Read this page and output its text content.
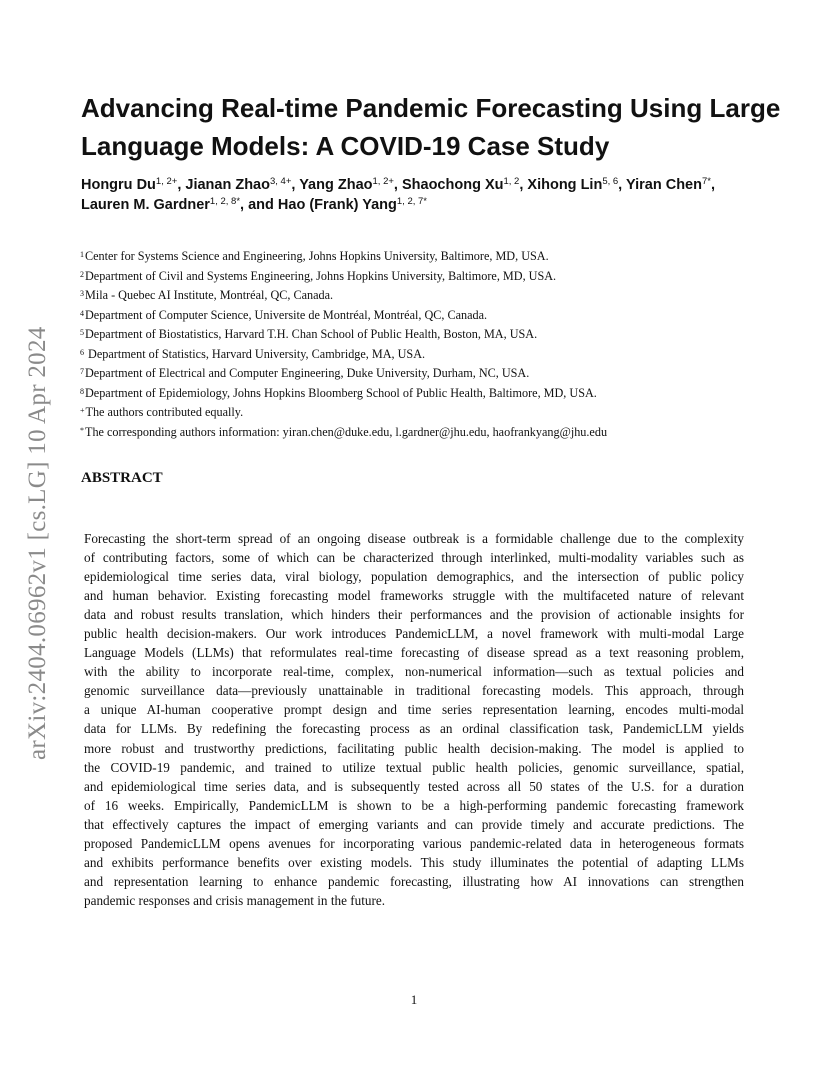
arXiv:2404.06962v1 [cs.LG] 10 Apr 2024
Advancing Real-time Pandemic Forecasting Using Large Language Models: A COVID-19 Case Study
Hongru $Du^{1, 2+}$, Jianan Zhao$^{3, 4+}$, Yang Zhao$^{1, 2+}$, Shaochong Xu$^{1, 2}$, Xihong Lin$^{5, 6}$, Yiran Chen$^{7*}$, Lauren M. Gardner$^{1, 2, 8*}$, and Hao (Frank) Yang$^{1, 2, 7*}$
$^1$Center for Systems Science and Engineering, Johns Hopkins University, Baltimore, MD, USA.
$^2$Department of Civil and Systems Engineering, Johns Hopkins University, Baltimore, MD, USA.
$^3$Mila - Quebec AI Institute, Montréal, QC, Canada.
$^4$Department of Computer Science, Universite de Montréal, Montréal, QC, Canada.
$^5$Department of Biostatistics, Harvard T.H. Chan School of Public Health, Boston, MA, USA.
$^6$ Department of Statistics, Harvard University, Cambridge, MA, USA.
$^7$Department of Electrical and Computer Engineering, Duke University, Durham, NC, USA.
$^8$Department of Epidemiology, Johns Hopkins Bloomberg School of Public Health, Baltimore, MD, USA.
+The authors contributed equally.
*The corresponding authors information: yiran.chen@duke.edu, l.gardner@jhu.edu, haofrankyang@jhu.edu
ABSTRACT
Forecasting the short-term spread of an ongoing disease outbreak is a formidable challenge due to the complexity
of contributing factors, some of which can be characterized through interlinked, multi-modality variables such as
epidemiological time series data, viral biology, population demographics, and the intersection of public policy
and human behavior. Existing forecasting model frameworks struggle with the multifaceted nature of relevant
data and robust results translation, which hinders their performances and the provision of actionable insights for
public health decision-makers. Our work introduces PandemicLLM, a novel framework with multi-modal Large
Language Models (LLMs) that reformulates real-time forecasting of disease spread as a text reasoning problem,
with the ability to incorporate real-time, complex, non-numerical information—such as textual policies and
genomic surveillance data—previously unattainable in traditional forecasting models. This approach, through
a unique AI-human cooperative prompt design and time series representation learning, encodes multi-modal
data for LLMs. By redefining the forecasting process as an ordinal classification task, PandemicLLM yields
more robust and trustworthy predictions, facilitating public health decision-making. The model is applied to
the COVID-19 pandemic, and trained to utilize textual public health policies, genomic surveillance, spatial,
and epidemiological time series data, and is subsequently tested across all 50 states of the U.S. for a duration
of 16 weeks. Empirically, PandemicLLM is shown to be a high-performing pandemic forecasting framework
that effectively captures the impact of emerging variants and can provide timely and accurate predictions. The
proposed PandemicLLM opens avenues for incorporating various pandemic-related data in heterogeneous formats
and exhibits performance benefits over existing models. This study illuminates the potential of adapting LLMs
and representation learning to enhance pandemic forecasting, illustrating how AI innovations can strengthen
pandemic responses and crisis management in the future.
1
